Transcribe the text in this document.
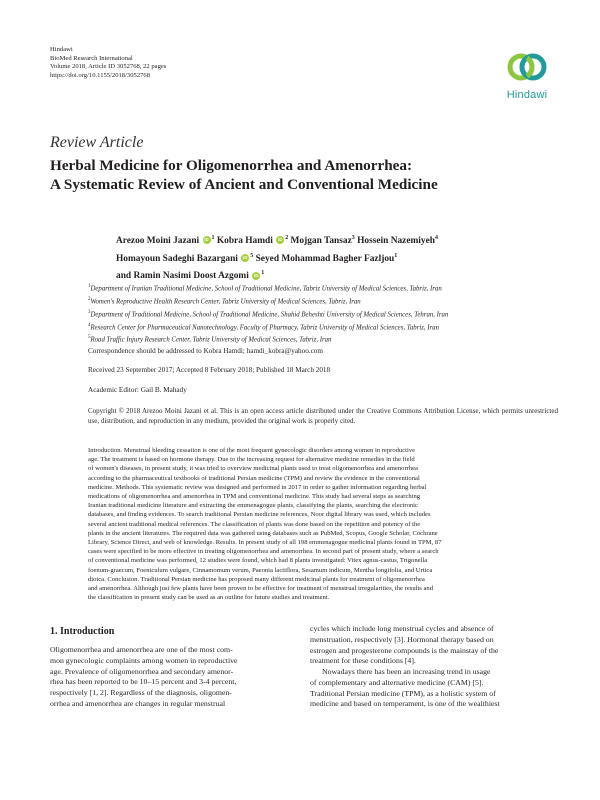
Hindawi
BioMed Research International
Volume 2018, Article ID 3052768, 22 pages
https://doi.org/10.1155/2018/3052768
Hindawi
Review Article
Herbal Medicine for Oligomenorrhea and Amenorrhea:
A Systematic Review of Ancient and Conventional Medicine
Arezoo Moini Jazani iD $^1$ Kobra Hamdi iD $^2$ Mojgan Tansaz$^3$ Hossein Nazemiyeh$^4$
Homayoun Sadeghi Bazargani iD $^5$ Seyed Mohammad Bagher Fazljou$^1$
and Ramin Nasimi Doost Azgomi iD $^1$
$^1$Department of Iranian Traditional Medicine, School of Traditional Medicine, Tabriz University of Medical Sciences, Tabriz, Iran
$^2$Women's Reproductive Health Research Center, Tabriz University of Medical Sciences, Tabriz, Iran
$^3$Department of Traditional Medicine, School of Traditional Medicine, Shahid Beheshti University of Medical Sciences, Tehran, Iran
$^4$Research Center for Pharmaceutical Nanotechnology, Faculty of Pharmacy, Tabriz University of Medical Sciences, Tabriz, Iran
$^5$Road Traffic Injury Research Center, Tabriz University of Medical Sciences, Tabriz, Iran
Correspondence should be addressed to Kobra Hamdi; hamdi_kobra@yahoo.com
Received 23 September 2017; Accepted 8 February 2018; Published 18 March 2018
Academic Editor: Gail B. Mahady
Copyright © 2018 Arezoo Moini Jazani et al. This is an open access article distributed under the Creative Commons Attribution License, which permits unrestricted use, distribution, and reproduction in any medium, provided the original work is properly cited.
Introduction. Menstrual bleeding cessation is one of the most frequent gynecologic disorders among women in reproductive
age. The treatment is based on hormone therapy. Due to the increasing request for alternative medicine remedies in the field
of women's diseases, in present study, it was tried to overview medicinal plants used to treat oligomenorrhea and amenorrhea
according to the pharmaceutical textbooks of traditional Persian medicine (TPM) and review the evidence in the conventional
medicine. Methods. This systematic review was designed and performed in 2017 in order to gather information regarding herbal
medications of oligomenorrhea and amenorrhea in TPM and conventional medicine. This study had several steps as searching
Iranian traditional medicine literature and extracting the emmenagogue plants, classifying the plants, searching the electronic
databases, and finding evidences. To search traditional Persian medicine references, Noor digital library was used, which includes
several ancient traditional medical references. The classification of plants was done based on the repetition and potency of the
plants in the ancient literatures. The required data was gathered using databases such as PubMed, Scopus, Google Scholar, Cochrane
Library, Science Direct, and web of knowledge. Results. In present study of all 198 emmenagogue medicinal plants found in TPM, 87
cases were specified to be more effective in treating oligomenorrhea and amenorrhea. In second part of present study, where a search
of conventional medicine was performed, 12 studies were found, which had 8 plants investigated: Vitex agnus-castus, Trigonella
foenum-graecum, Foeniculum vulgare, Cinnamomum verum, Paeonia lactiflora, Sesamum indicum, Mentha longifolia, and Urtica
dioica. Conclusion. Traditional Persian medicine has proposed many different medicinal plants for treatment of oligomenorrhea
and amenorrhea. Although just few plants have been proven to be effective for treatment of menstrual irregularities, the results and
the classification in present study can be used as an outline for future studies and treatment.
1. Introduction
Oligomenorrhea and amenorrhea are one of the most com-
mon gynecologic complaints among women in reproductive
age. Prevalence of oligomenorrhea and secondary amenor-
rhea has been reported to be 10–15 percent and 3-4 percent,
respectively [1, 2]. Regardless of the diagnosis, oligomen-
orrhea and amenorrhea are changes in regular menstrual
cycles which include long menstrual cycles and absence of
menstruation, respectively [3]. Hormonal therapy based on
estrogen and progesterone compounds is the mainstay of the
treatment for these conditions [4].
Nowadays there has been an increasing trend in usage
of complementary and alternative medicine (CAM) [5].
Traditional Persian medicine (TPM), as a holistic system of
medicine and based on temperament, is one of the wealthiest
